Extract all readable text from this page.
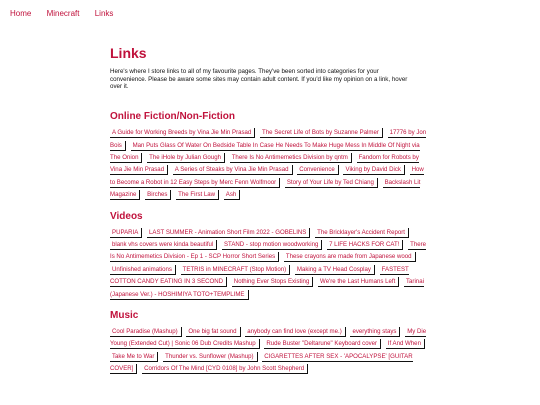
Home Minecraft Links
Links

Here's where I store links to all of my favourite pages. They've been sorted into categories for your convenience. Please be aware some sites may contain adult content. If you'd like my opinion on a link, hover over it.

Online Fiction/Non-Fiction
A Guide for Working Breeds by Vina Jie Min Prasad The Secret Life of Bots by Suzanne Palmer 17776 by Jon Bois Man Puts Glass Of Water On Bedside Table In Case He Needs To Make Huge Mess In Middle Of Night via The Onion The iHole by Julian Gough There Is No Antimemetics Division by qntm Fandom for Robots by Vina Jie Min Prasad A Series of Steaks by Vina Jie Min Prasad Convenience Viking by David Dick How to Become a Robot in 12 Easy Steps by Merc Fenn Wolfmoor Story of Your Life by Ted Chiang Backslash Lit Magazine Birches The First Law Ash
Videos
PUPARIA LAST SUMMER - Animation Short Film 2022 - GOBELINS The Bricklayer's Accident Report blank vhs covers were kinda beautiful STAND - stop motion woodworking 7 LIFE HACKS FOR CAT! There Is No Antimemetics Division - Ep 1 - SCP Horror Short Series These crayons are made from Japanese wood Unfinished animations TETRIS in MINECRAFT (Stop Motion) Making a TV Head Cosplay FASTEST COTTON CANDY EATING IN 3 SECOND Nothing Ever Stops Existing We're the Last Humans Left Tarinai (Japanese Ver.) - HOSHIMIYA TOTO+TEMPLIME
Music
Cool Paradise (Mashup) One big fat sound anybody can find love (except me.) everything stays My Die Young (Extended Cut) | Sonic 06 Dub Credits Mashup Rude Buster "Deltarune" Keyboard cover If And When Take Me to War Thunder vs. Sunflower (Mashup) CIGARETTES AFTER SEX - 'APOCALYPSE' [GUITAR COVER] Corridors Of The Mind [CYD 0108] by John Scott Shepherd
